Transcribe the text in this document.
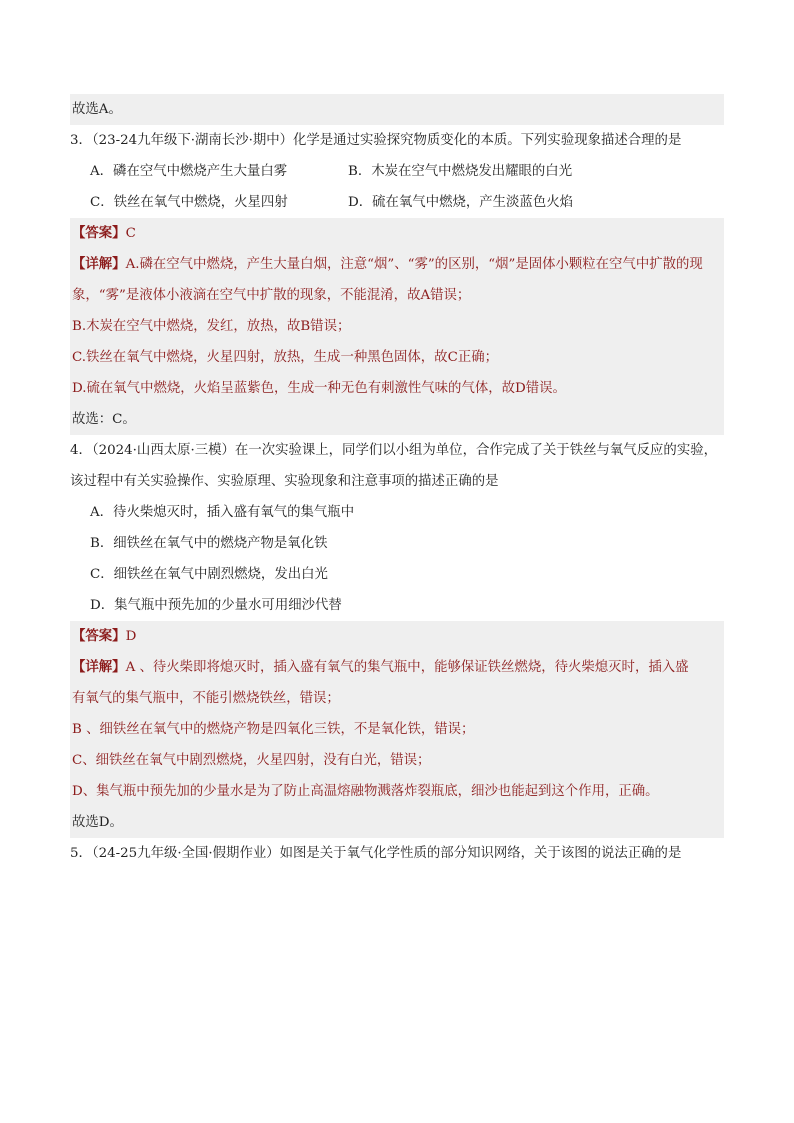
故选A。
3．（23-24九年级下·湖南长沙·期中）化学是通过实验探究物质变化的本质。下列实验现象描述合理的是
A．磷在空气中燃烧产生大量白雾	B．木炭在空气中燃烧发出耀眼的白光
C．铁丝在氧气中燃烧，火星四射	D．硫在氧气中燃烧，产生淡蓝色火焰
【答案】C
【详解】A.磷在空气中燃烧，产生大量白烟，注意“烟”、“雾”的区别，“烟”是固体小颗粒在空气中扩散的现
象，“雾”是液体小液滴在空气中扩散的现象，不能混淆，故A错误；
B.木炭在空气中燃烧，发红，放热，故B错误；
C.铁丝在氧气中燃烧，火星四射，放热，生成一种黑色固体，故C正确；
D.硫在氧气中燃烧，火焰呈蓝紫色，生成一种无色有刺激性气味的气体，故D错误。
故选：C。
4．（2024·山西太原·三模）在一次实验课上，同学们以小组为单位，合作完成了关于铁丝与氧气反应的实验，
该过程中有关实验操作、实验原理、实验现象和注意事项的描述正确的是
A．待火柴熄灭时，插入盛有氧气的集气瓶中
B．细铁丝在氧气中的燃烧产物是氧化铁
C．细铁丝在氧气中剧烈燃烧，发出白光
D．集气瓶中预先加的少量水可用细沙代替
【答案】D
【详解】A 、待火柴即将熄灭时，插入盛有氧气的集气瓶中，能够保证铁丝燃烧，待火柴熄灭时，插入盛
有氧气的集气瓶中，不能引燃烧铁丝，错误；
B 、细铁丝在氧气中的燃烧产物是四氧化三铁，不是氧化铁，错误；
C、细铁丝在氧气中剧烈燃烧，火星四射，没有白光，错误；
D、集气瓶中预先加的少量水是为了防止高温熔融物溅落炸裂瓶底，细沙也能起到这个作用，正确。
故选D。
5．（24-25九年级·全国·假期作业）如图是关于氧气化学性质的部分知识网络，关于该图的说法正确的是
